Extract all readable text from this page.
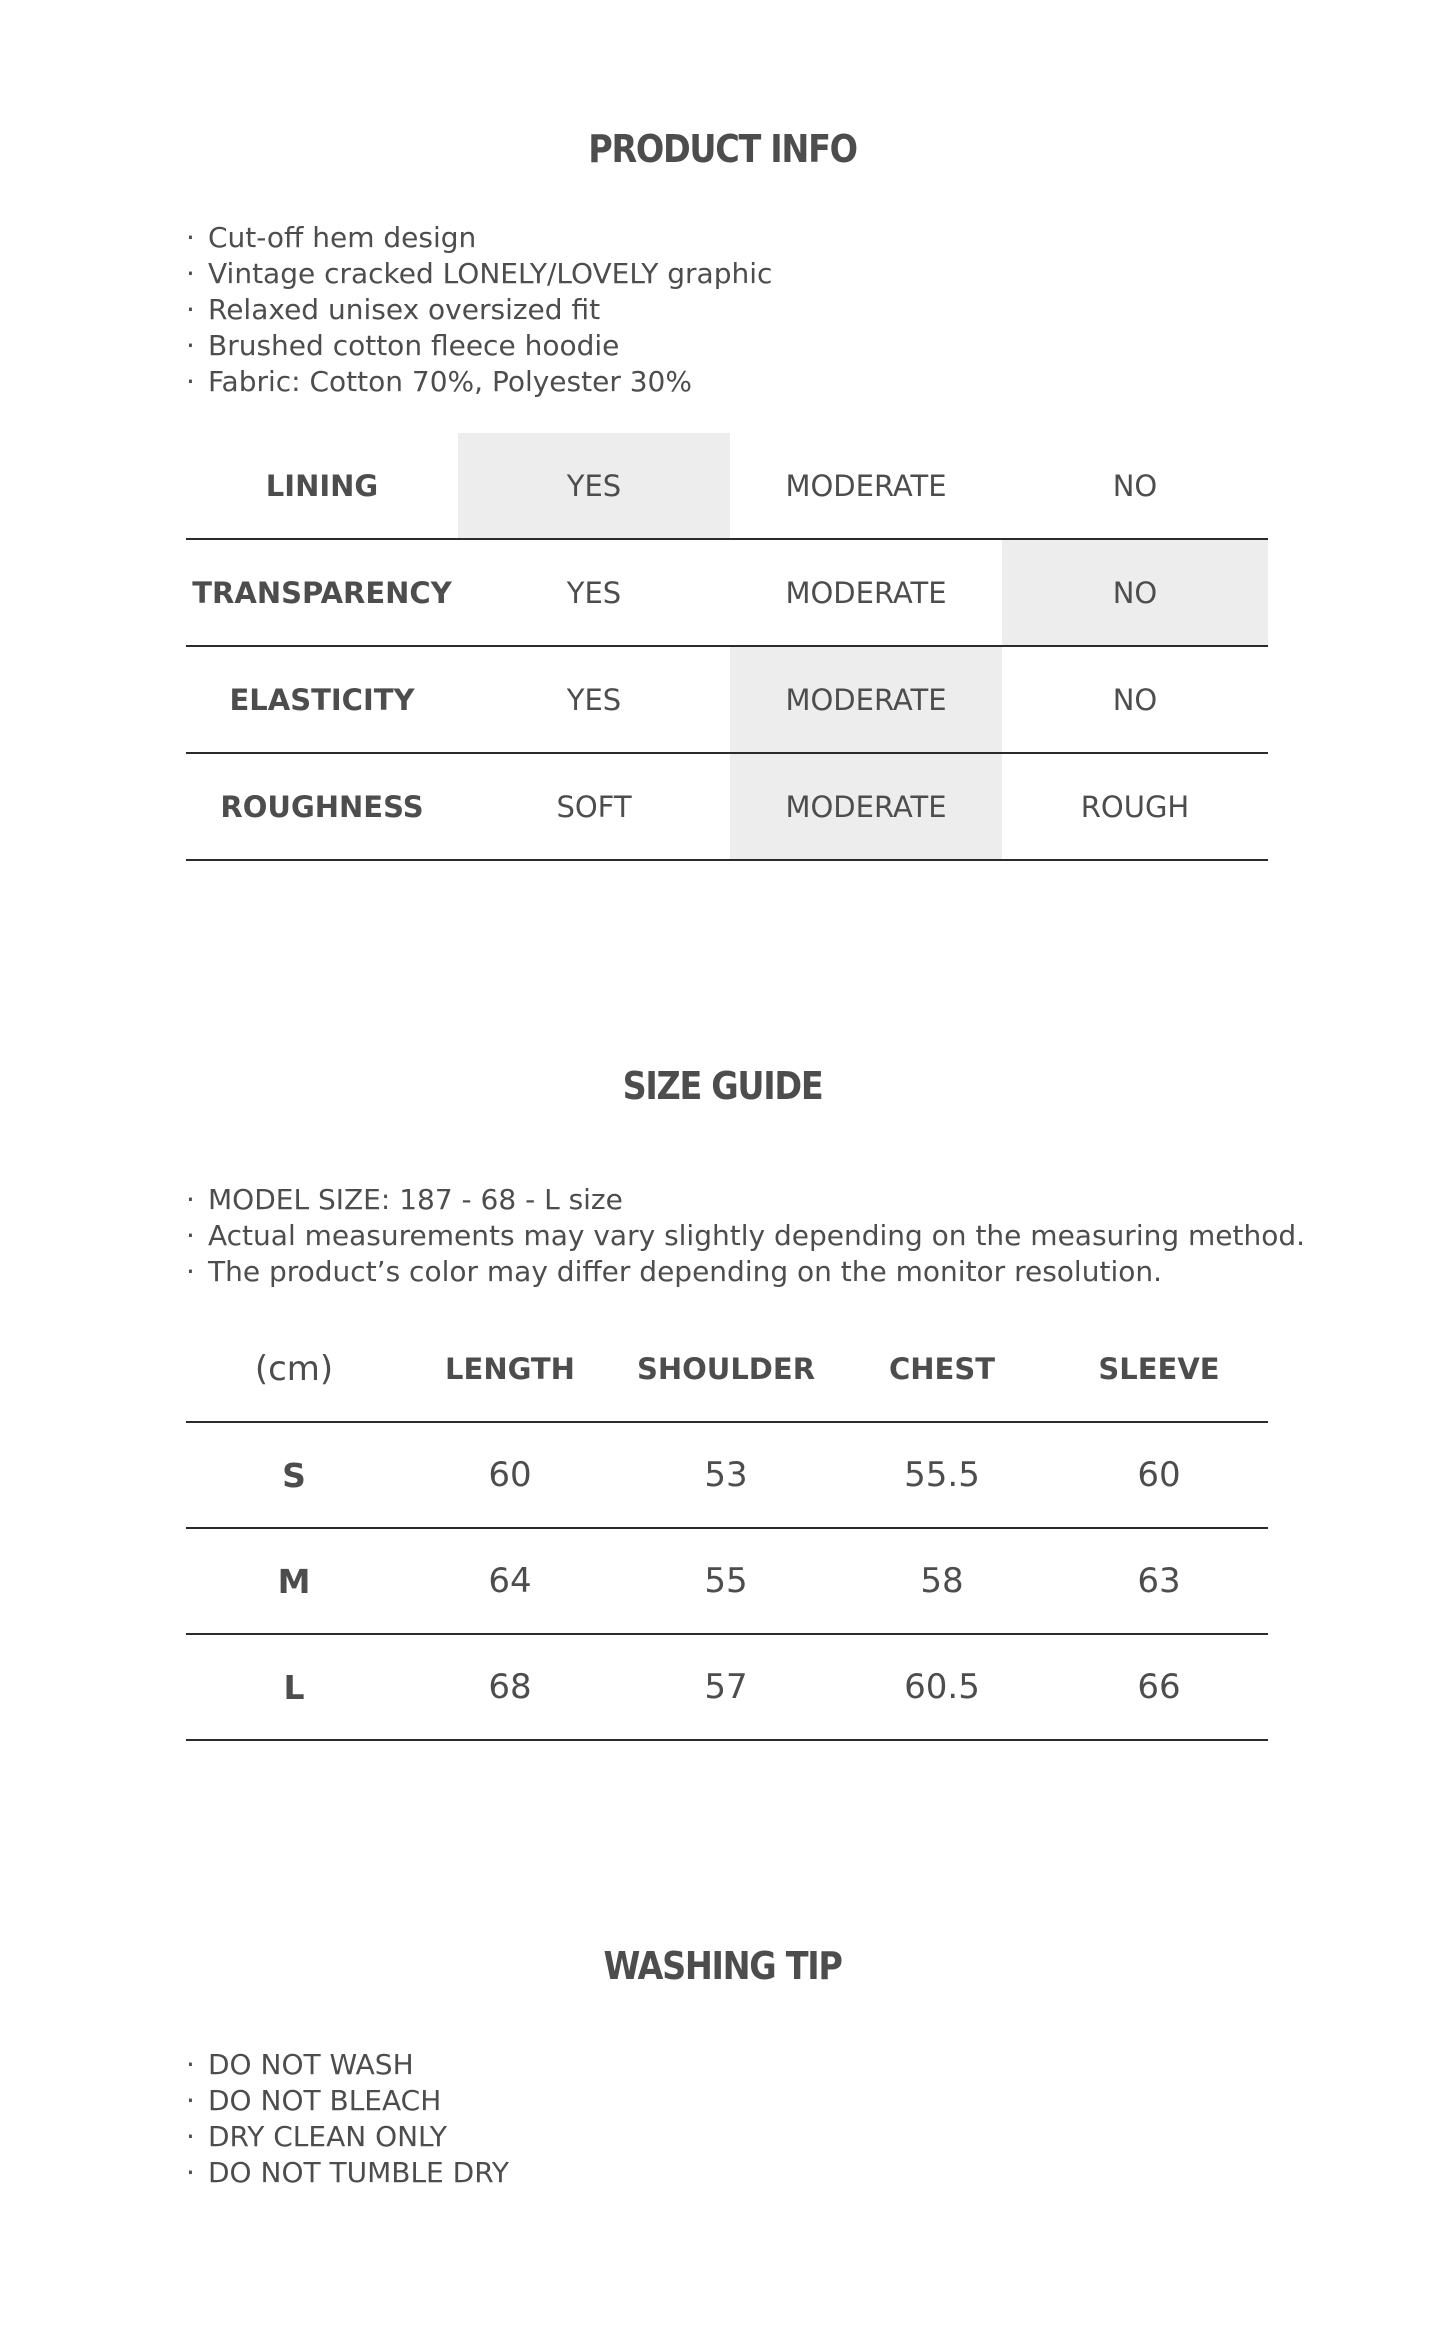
PRODUCT INFO
· Cut-off hem design
· Vintage cracked LONELY/LOVELY graphic
· Relaxed unisex oversized fit
· Brushed cotton fleece hoodie
· Fabric: Cotton 70%, Polyester 30%
LINING	YES	MODERATE	NO
TRANSPARENCY	YES	MODERATE	NO
ELASTICITY	YES	MODERATE	NO
ROUGHNESS	SOFT	MODERATE	ROUGH
SIZE GUIDE
· MODEL SIZE: 187 - 68 - L size
· Actual measurements may vary slightly depending on the measuring method.
· The product’s color may differ depending on the monitor resolution.
(cm)	LENGTH	SHOULDER	CHEST	SLEEVE
S	60	53	55.5	60
M	64	55	58	63
L	68	57	60.5	66
WASHING TIP
· DO NOT WASH
· DO NOT BLEACH
· DRY CLEAN ONLY
· DO NOT TUMBLE DRY
